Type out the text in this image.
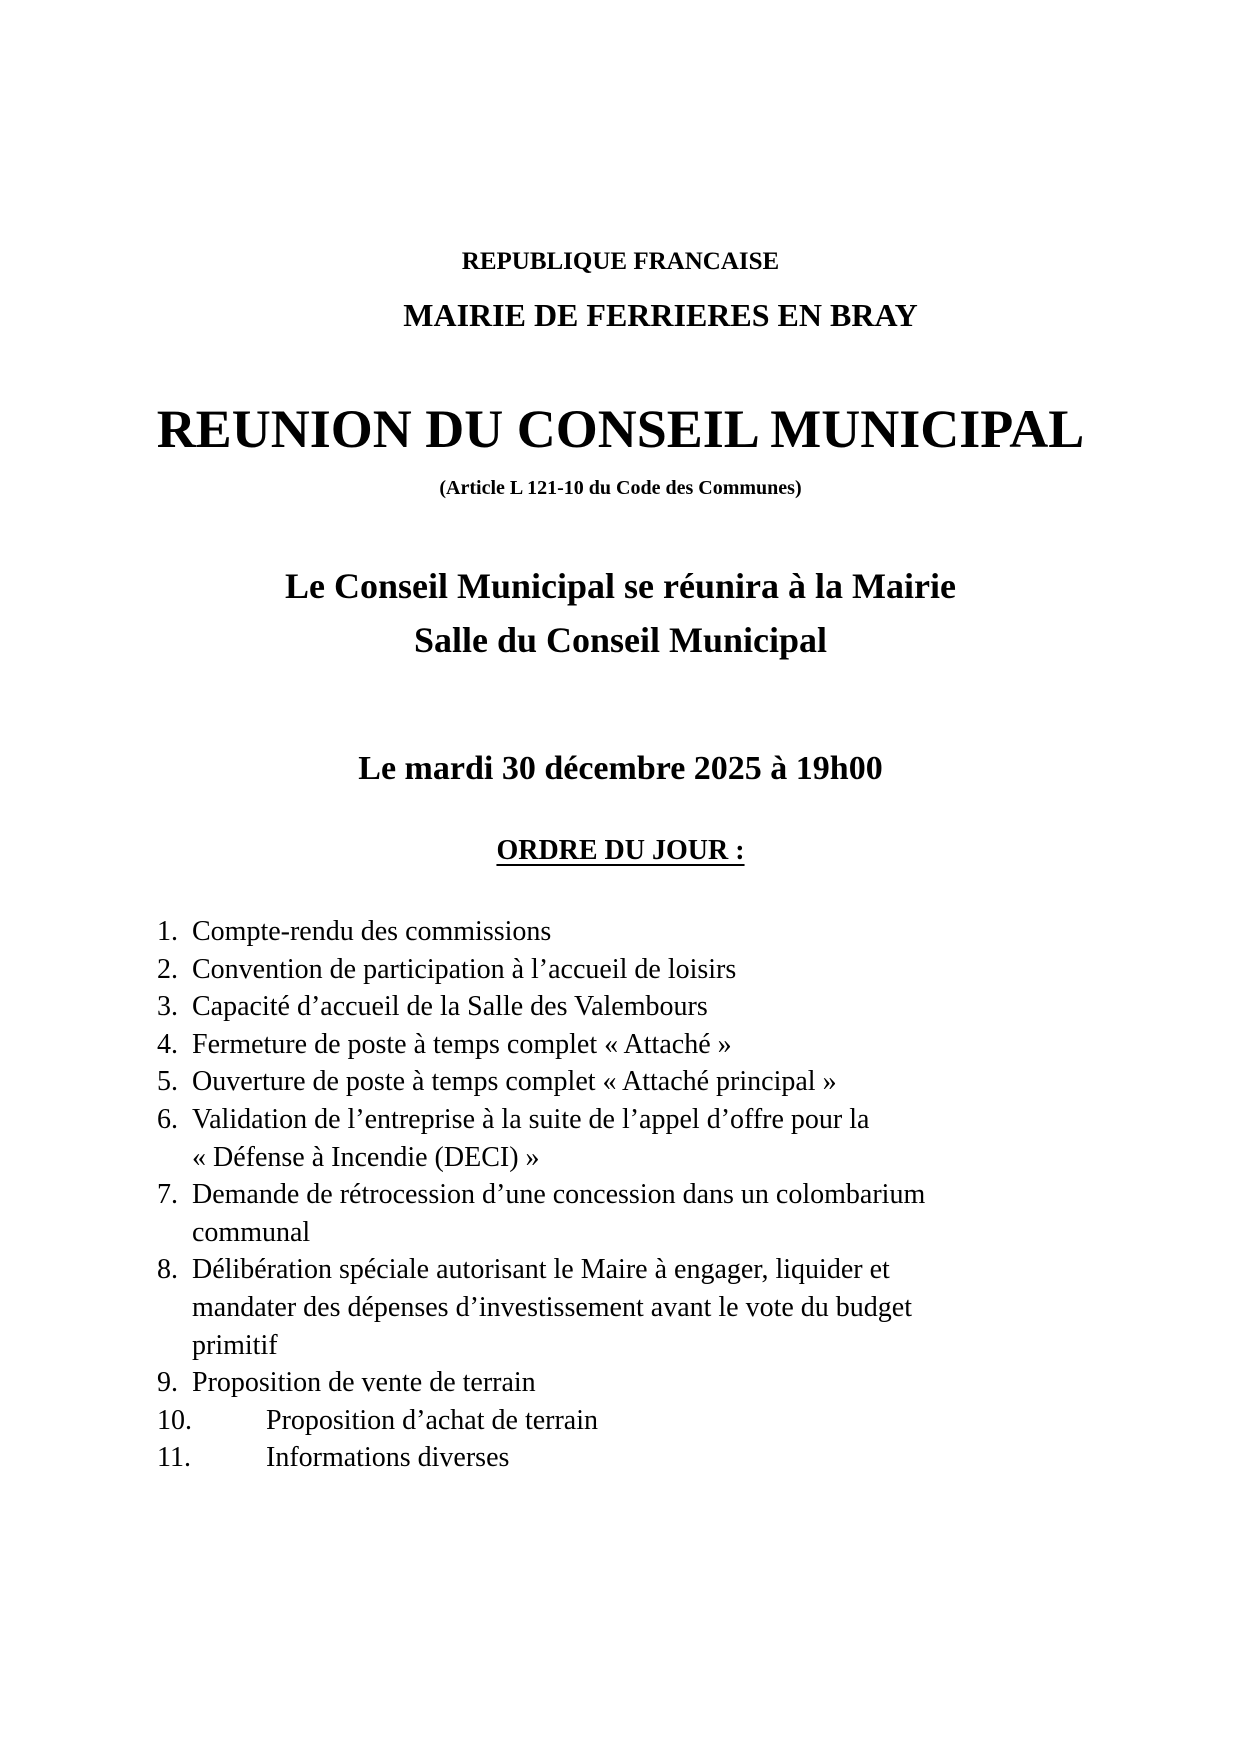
REPUBLIQUE FRANCAISE
MAIRIE DE FERRIERES EN BRAY
REUNION DU CONSEIL MUNICIPAL
(Article L 121-10 du Code des Communes)
Le Conseil Municipal se réunira à la Mairie
Salle du Conseil Municipal
Le mardi 30 décembre 2025 à 19h00
ORDRE DU JOUR :
1. Compte-rendu des commissions
2. Convention de participation à l’accueil de loisirs
3. Capacité d’accueil de la Salle des Valembours
4. Fermeture de poste à temps complet « Attaché »
5. Ouverture de poste à temps complet « Attaché principal »
6. Validation de l’entreprise à la suite de l’appel d’offre pour la
« Défense à Incendie (DECI) »
7. Demande de rétrocession d’une concession dans un colombarium
communal
8. Délibération spéciale autorisant le Maire à engager, liquider et
mandater des dépenses d’investissement avant le vote du budget
primitif
9. Proposition de vente de terrain
10.	Proposition d’achat de terrain
11.	Informations diverses
